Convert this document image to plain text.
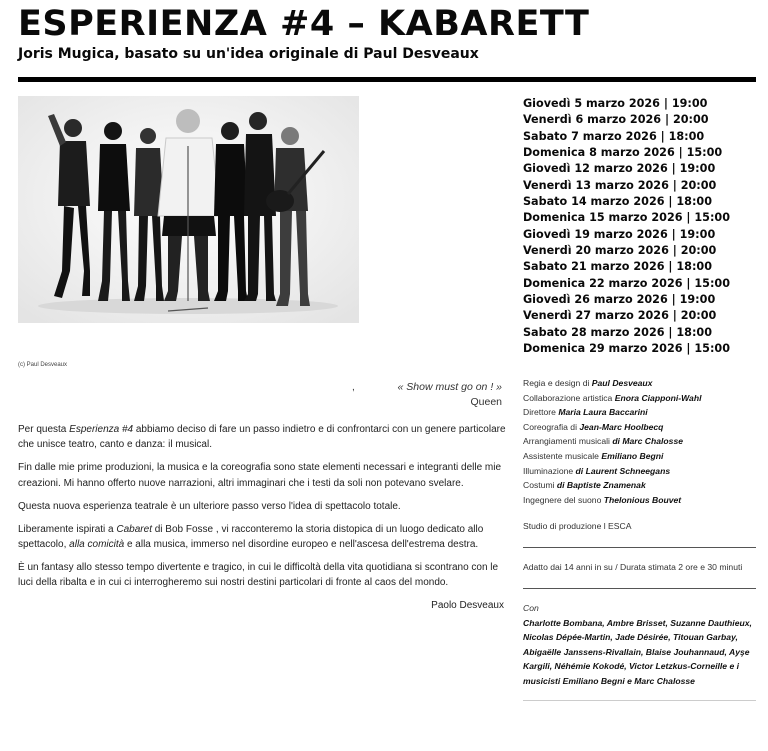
ESPERIENZA #4 – KABARETT
Joris Mugica, basato su un'idea originale di Paul Desveaux
(c) Paul Desveaux
,	« Show must go on ! »
Queen

Per questa Esperienza #4 abbiamo deciso di fare un passo indietro e di confrontarci con un genere particolare che unisce teatro, canto e danza: il musical.

Fin dalle mie prime produzioni, la musica e la coreografia sono state elementi necessari e integranti delle mie creazioni. Mi hanno offerto nuove narrazioni, altri immaginari che i testi da soli non potevano svelare.

Questa nuova esperienza teatrale è un ulteriore passo verso l'idea di spettacolo totale.

Liberamente ispirati a Cabaret di Bob Fosse , vi racconteremo la storia distopica di un luogo dedicato allo spettacolo, alla comicità e alla musica, immerso nel disordine europeo e nell'ascesa dell'estrema destra.

È un fantasy allo stesso tempo divertente e tragico, in cui le difficoltà della vita quotidiana si scontrano con le luci della ribalta e in cui ci interrogheremo sui nostri destini particolari di fronte al caos del mondo.

Paolo Desveaux

Giovedì 5 marzo 2026 | 19:00
Venerdì 6 marzo 2026 | 20:00
Sabato 7 marzo 2026 | 18:00
Domenica 8 marzo 2026 | 15:00
Giovedì 12 marzo 2026 | 19:00
Venerdì 13 marzo 2026 | 20:00
Sabato 14 marzo 2026 | 18:00
Domenica 15 marzo 2026 | 15:00
Giovedì 19 marzo 2026 | 19:00
Venerdì 20 marzo 2026 | 20:00
Sabato 21 marzo 2026 | 18:00
Domenica 22 marzo 2026 | 15:00
Giovedì 26 marzo 2026 | 19:00
Venerdì 27 marzo 2026 | 20:00
Sabato 28 marzo 2026 | 18:00
Domenica 29 marzo 2026 | 15:00
Regia e design di Paul Desveaux
Collaborazione artistica Enora Ciapponi-Wahl
Direttore Maria Laura Baccarini
Coreografia di Jean-Marc Hoolbecq
Arrangiamenti musicali di Marc Chalosse
Assistente musicale Emiliano Begni
Illuminazione di Laurent Schneegans
Costumi di Baptiste Znamenak
Ingegnere del suono Thelonious Bouvet
Studio di produzione l ESCA
Adatto dai 14 anni in su / Durata stimata 2 ore e 30 minuti
Con
Charlotte Bombana, Ambre Brisset, Suzanne Dauthieux, Nicolas Dépée-Martin, Jade Désirée, Titouan Garbay, Abigaëlle Janssens-Rivallain, Blaise Jouhannaud, Ayşe Kargili, Néhémie Kokodé, Victor Letzkus-Corneille e i musicisti Emiliano Begni e Marc Chalosse
